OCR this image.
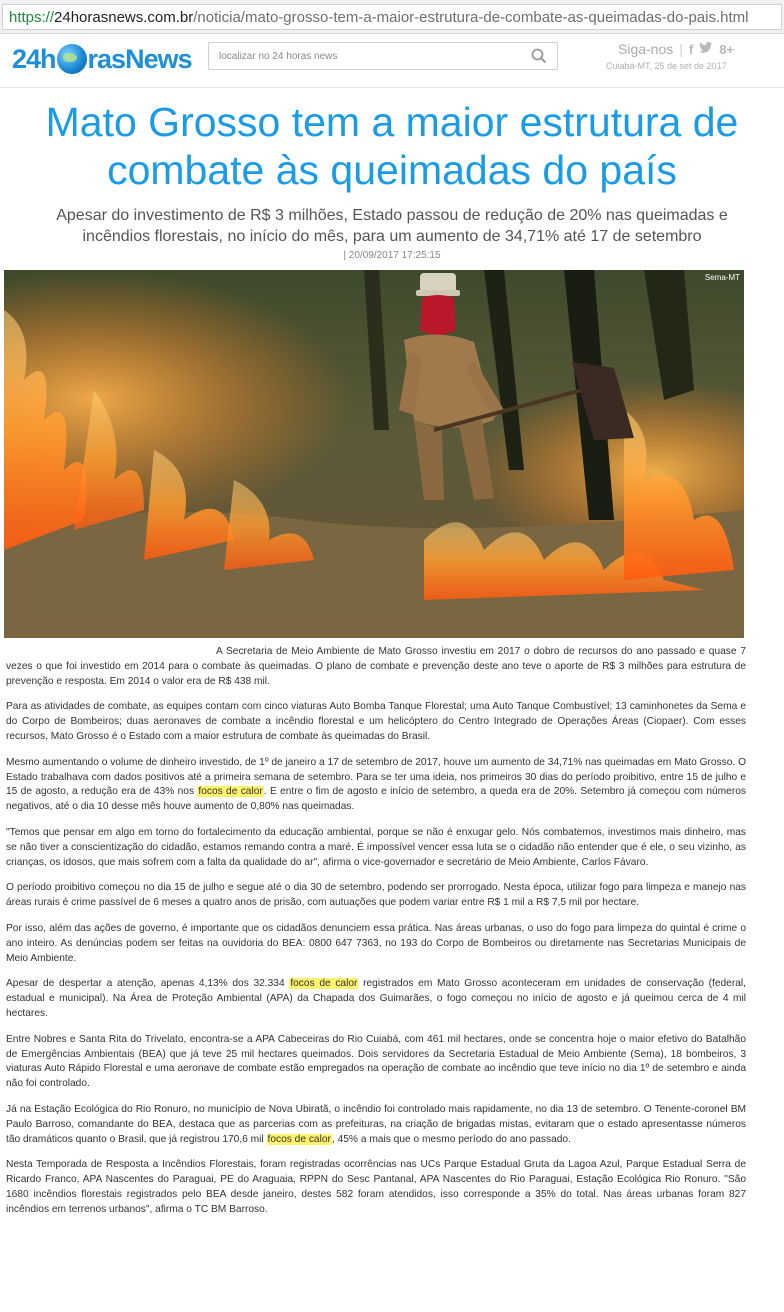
https:// 24horasnews.com.br /noticia/mato-grosso-tem-a-maior-estrutura-de-combate-as-queimadas-do-pais.html
24h rasNews
localizar no 24 horas news	Siga-nos | f 8+
Cuiabá-MT, 25 de set de 2017
Mato Grosso tem a maior estrutura de combate às queimadas do país
Apesar do investimento de R$ 3 milhões, Estado passou de redução de 20% nas queimadas e incêndios florestais, no início do mês, para um aumento de 34,71% até 17 de setembro
| 20/09/2017 17:25:15
Sema-MT

A Secretaria de Meio Ambiente de Mato Grosso investiu em 2017 o dobro de recursos do ano passado e quase 7 vezes o que foi investido em 2014 para o combate às queimadas. O plano de combate e prevenção deste ano teve o aporte de R$ 3 milhões para estrutura de prevenção e resposta. Em 2014 o valor era de R$ 438 mil.

Para as atividades de combate, as equipes contam com cinco viaturas Auto Bomba Tanque Florestal; uma Auto Tanque Combustível; 13 caminhonetes da Sema e do Corpo de Bombeiros; duas aeronaves de combate a incêndio florestal e um helicóptero do Centro Integrado de Operações Áreas (Ciopaer). Com esses recursos, Mato Grosso é o Estado com a maior estrutura de combate às queimadas do Brasil.

Mesmo aumentando o volume de dinheiro investido, de 1º de janeiro a 17 de setembro de 2017, houve um aumento de 34,71% nas queimadas em Mato Grosso. O Estado trabalhava com dados positivos até a primeira semana de setembro. Para se ter uma ideia, nos primeiros 30 dias do período proibitivo, entre 15 de julho e 15 de agosto, a redução era de 43% nos focos de calor. E entre o fim de agosto e início de setembro, a queda era de 20%. Setembro já começou com números negativos, até o dia 10 desse mês houve aumento de 0,80% nas queimadas.

"Temos que pensar em algo em torno do fortalecimento da educação ambiental, porque se não é enxugar gelo. Nós combatemos, investimos mais dinheiro, mas se não tiver a conscientização do cidadão, estamos remando contra a maré. É impossível vencer essa luta se o cidadão não entender que é ele, o seu vizinho, as crianças, os idosos, que mais sofrem com a falta da qualidade do ar", afirma o vice-governador e secretário de Meio Ambiente, Carlos Fávaro.

O período proibitivo começou no dia 15 de julho e segue até o dia 30 de setembro, podendo ser prorrogado. Nesta época, utilizar fogo para limpeza e manejo nas áreas rurais é crime passível de 6 meses a quatro anos de prisão, com autuações que podem variar entre R$ 1 mil a R$ 7,5 mil por hectare.

Por isso, além das ações de governo, é importante que os cidadãos denunciem essa prática. Nas áreas urbanas, o uso do fogo para limpeza do quintal é crime o ano inteiro. As denúncias podem ser feitas na ouvidoria do BEA: 0800 647 7363, no 193 do Corpo de Bombeiros ou diretamente nas Secretarias Municipais de Meio Ambiente.

Apesar de despertar a atenção, apenas 4,13% dos 32.334 focos de calor registrados em Mato Grosso aconteceram em unidades de conservação (federal, estadual e municipal). Na Área de Proteção Ambiental (APA) da Chapada dos Guimarães, o fogo começou no início de agosto e já queimou cerca de 4 mil hectares.

Entre Nobres e Santa Rita do Trivelato, encontra-se a APA Cabeceiras do Rio Cuiabá, com 461 mil hectares, onde se concentra hoje o maior efetivo do Batalhão de Emergências Ambientais (BEA) que já teve 25 mil hectares queimados. Dois servidores da Secretaria Estadual de Meio Ambiente (Sema), 18 bombeiros, 3 viaturas Auto Rápido Florestal e uma aeronave de combate estão empregados na operação de combate ao incêndio que teve início no dia 1º de setembro e ainda não foi controlado.

Já na Estação Ecológica do Rio Ronuro, no município de Nova Ubiratã, o incêndio foi controlado mais rapidamente, no dia 13 de setembro. O Tenente-coronel BM Paulo Barroso, comandante do BEA, destaca que as parcerias com as prefeituras, na criação de brigadas mistas, evitaram que o estado apresentasse números tão dramáticos quanto o Brasil, que já registrou 170,6 mil focos de calor, 45% a mais que o mesmo período do ano passado.

Nesta Temporada de Resposta a Incêndios Florestais, foram registradas ocorrências nas UCs Parque Estadual Gruta da Lagoa Azul, Parque Estadual Serra de Ricardo Franco, APA Nascentes do Paraguai, PE do Araguaia, RPPN do Sesc Pantanal, APA Nascentes do Rio Paraguai, Estação Ecológica Rio Ronuro. "São 1680 incêndios florestais registrados pelo BEA desde janeiro, destes 582 foram atendidos, isso corresponde a 35% do total. Nas áreas urbanas foram 827 incêndios em terrenos urbanos", afirma o TC BM Barroso.
